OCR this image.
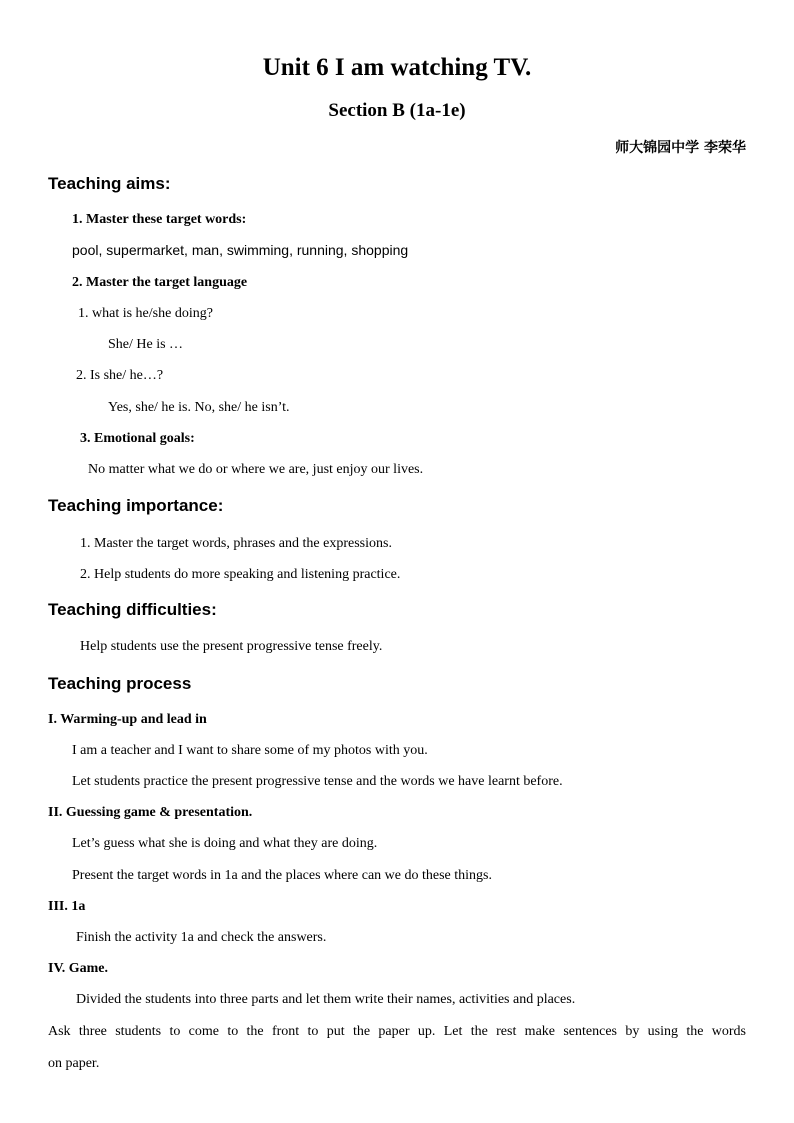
Unit 6 I am watching TV.
Section B (1a-1e)
师大锦园中学 李荣华
Teaching aims:
1. Master these target words:
pool, supermarket, man, swimming, running, shopping
2. Master the target language
1. what is he/she doing?
She/ He is …
2. Is she/ he…?
Yes, she/ he is. No, she/ he isn’t.
3. Emotional goals:
No matter what we do or where we are, just enjoy our lives.
Teaching importance:
1. Master the target words, phrases and the expressions.
2. Help students do more speaking and listening practice.
Teaching difficulties:
Help students use the present progressive tense freely.
Teaching process
I. Warming-up and lead in
I am a teacher and I want to share some of my photos with you.
Let students practice the present progressive tense and the words we have learnt before.
II. Guessing game & presentation.
Let’s guess what she is doing and what they are doing.
Present the target words in 1a and the places where can we do these things.
III. 1a
Finish the activity 1a and check the answers.
IV. Game.
Divided the students into three parts and let them write their names, activities and places.
Ask three students to come to the front to put the paper up. Let the rest make sentences by using the words
on paper.
